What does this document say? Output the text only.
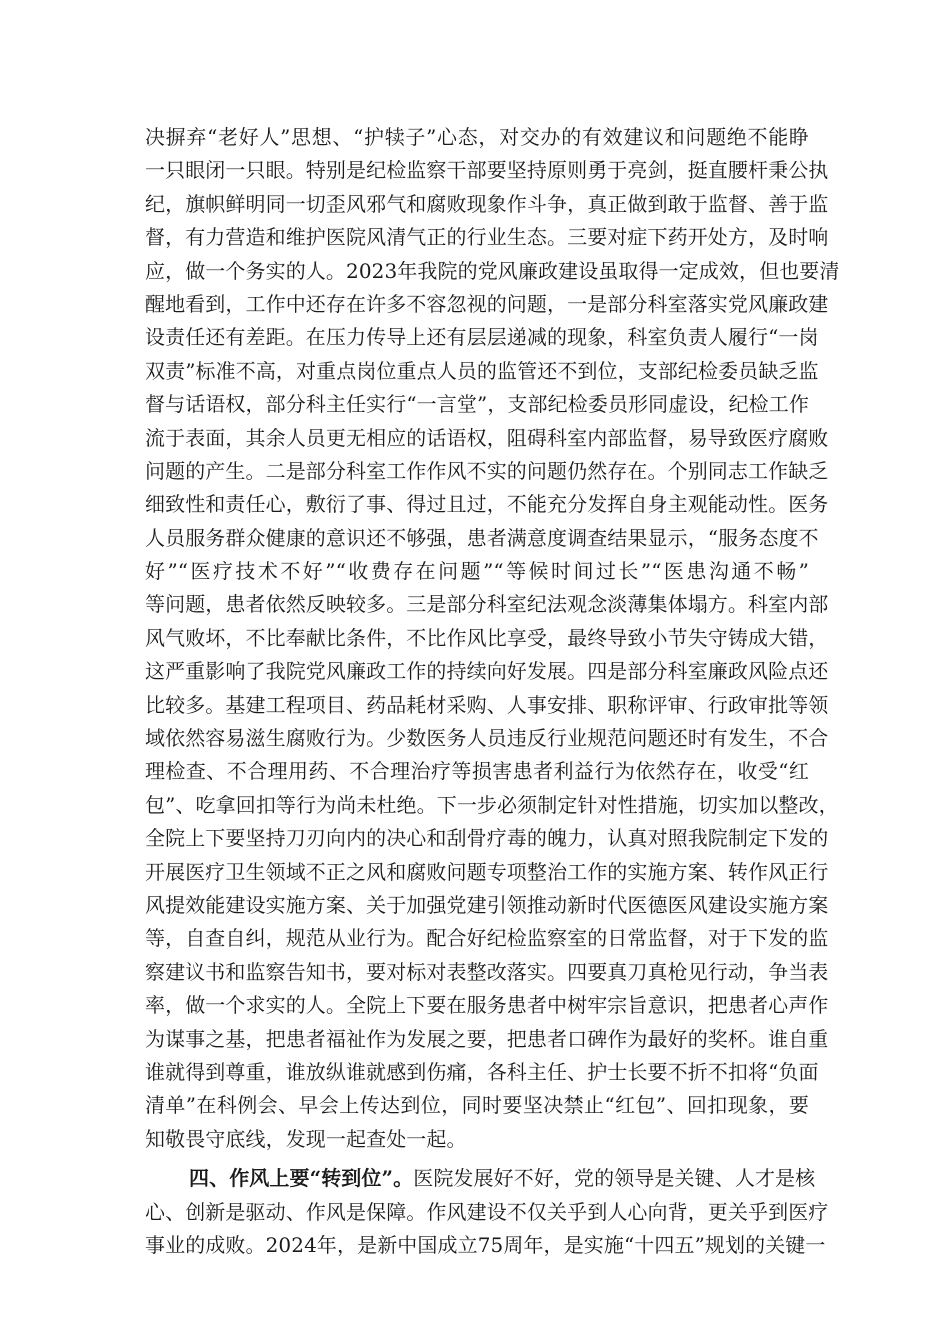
决摒弃“老好人”思想、“护犊子”心态，对交办的有效建议和问题绝不能睁
一只眼闭一只眼。特别是纪检监察干部要坚持原则勇于亮剑，挺直腰杆秉公执
纪，旗帜鲜明同一切歪风邪气和腐败现象作斗争，真正做到敢于监督、善于监
督，有力营造和维护医院风清气正的行业生态。三要对症下药开处方，及时响
应，做一个务实的人。2023年我院的党风廉政建设虽取得一定成效，但也要清
醒地看到，工作中还存在许多不容忽视的问题，一是部分科室落实党风廉政建
设责任还有差距。在压力传导上还有层层递减的现象，科室负责人履行“一岗
双责”标准不高，对重点岗位重点人员的监管还不到位，支部纪检委员缺乏监
督与话语权，部分科主任实行“一言堂”，支部纪检委员形同虚设，纪检工作
流于表面，其余人员更无相应的话语权，阻碍科室内部监督，易导致医疗腐败
问题的产生。二是部分科室工作作风不实的问题仍然存在。个别同志工作缺乏
细致性和责任心，敷衍了事、得过且过，不能充分发挥自身主观能动性。医务
人员服务群众健康的意识还不够强，患者满意度调查结果显示，“服务态度不
好”“医疗技术不好”“收费存在问题”“等候时间过长”“医患沟通不畅”
等问题，患者依然反映较多。三是部分科室纪法观念淡薄集体塌方。科室内部
风气败坏，不比奉献比条件，不比作风比享受，最终导致小节失守铸成大错，
这严重影响了我院党风廉政工作的持续向好发展。四是部分科室廉政风险点还
比较多。基建工程项目、药品耗材采购、人事安排、职称评审、行政审批等领
域依然容易滋生腐败行为。少数医务人员违反行业规范问题还时有发生，不合
理检查、不合理用药、不合理治疗等损害患者利益行为依然存在，收受“红
包”、吃拿回扣等行为尚未杜绝。下一步必须制定针对性措施，切实加以整改，
全院上下要坚持刀刃向内的决心和刮骨疗毒的魄力，认真对照我院制定下发的
开展医疗卫生领域不正之风和腐败问题专项整治工作的实施方案、转作风正行
风提效能建设实施方案、关于加强党建引领推动新时代医德医风建设实施方案
等，自查自纠，规范从业行为。配合好纪检监察室的日常监督，对于下发的监
察建议书和监察告知书，要对标对表整改落实。四要真刀真枪见行动，争当表
率，做一个求实的人。全院上下要在服务患者中树牢宗旨意识，把患者心声作
为谋事之基，把患者福祉作为发展之要，把患者口碑作为最好的奖杯。谁自重
谁就得到尊重，谁放纵谁就感到伤痛，各科主任、护士长要不折不扣将“负面
清单”在科例会、早会上传达到位，同时要坚决禁止“红包”、回扣现象，要
知敬畏守底线，发现一起查处一起。
四、作风上要“转到位”。医院发展好不好，党的领导是关键、人才是核
心、创新是驱动、作风是保障。作风建设不仅关乎到人心向背，更关乎到医疗
事业的成败。2024年，是新中国成立75周年，是实施“十四五”规划的关键一
